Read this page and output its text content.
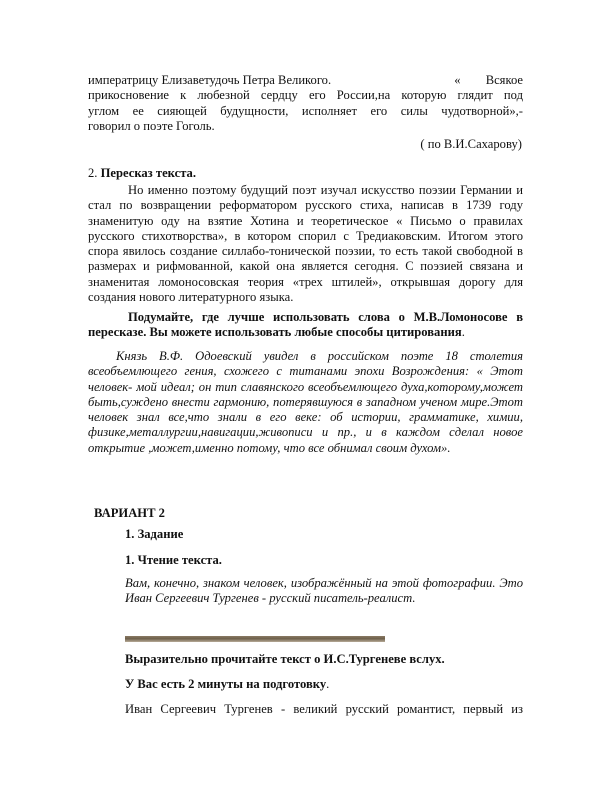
императрицу Елизаветудочь Петра Великого.	«        Всякое

прикосновение к любезной сердцу его России,на которую глядит под

углом ее сияющей будущности, исполняет его силы чудотворной»,-

говорил о поэте Гоголь.

( по В.И.Сахарову)

2. Пересказ текста.

Но именно поэтому будущий поэт изучал искусство поэзии Германии и стал по возвращении реформатором русского стиха, написав в 1739 году знаменитую оду на взятие Хотина и теоретическое « Письмо о правилах русского стихотворства», в котором спорил с Тредиаковским. Итогом этого спора явилось создание силлабо-тонической поэзии, то есть такой свободной в размерах и рифмованной, какой она является сегодня. С поэзией связана и знаменитая ломоносовская теория «трех штилей», открывшая дорогу для создания нового литературного языка.

Подумайте, где лучше использовать слова о М.В.Ломоносове в пересказе. Вы можете использовать любые способы цитирования.

Князь В.Ф. Одоевский увидел в российском поэте 18 столетия всеобъемлющего гения, схожего с титанами эпохи Возрождения: « Этот человек- мой идеал; он тип славянского всеобъемлющего духа,которому,может быть,суждено внести гармонию, потерявшуюся в западном ученом мире.Этот человек знал все,что знали в его веке: об истории, грамматике, химии, физике,металлургии,навигации,живописи и пр., и в каждом сделал новое открытие ,может,именно потому, что все обнимал своим духом».

ВАРИАНТ 2

1. Задание

1. Чтение текста.

Вам, конечно, знаком человек, изображённый на этой фотографии. Это Иван Сергеевич Тургенев - русский писатель-реалист.

Выразительно прочитайте текст о И.С.Тургеневе вслух.

У Вас есть 2 минуты на подготовку.

Иван Сергеевич Тургенев - великий русский романтист, первый из
